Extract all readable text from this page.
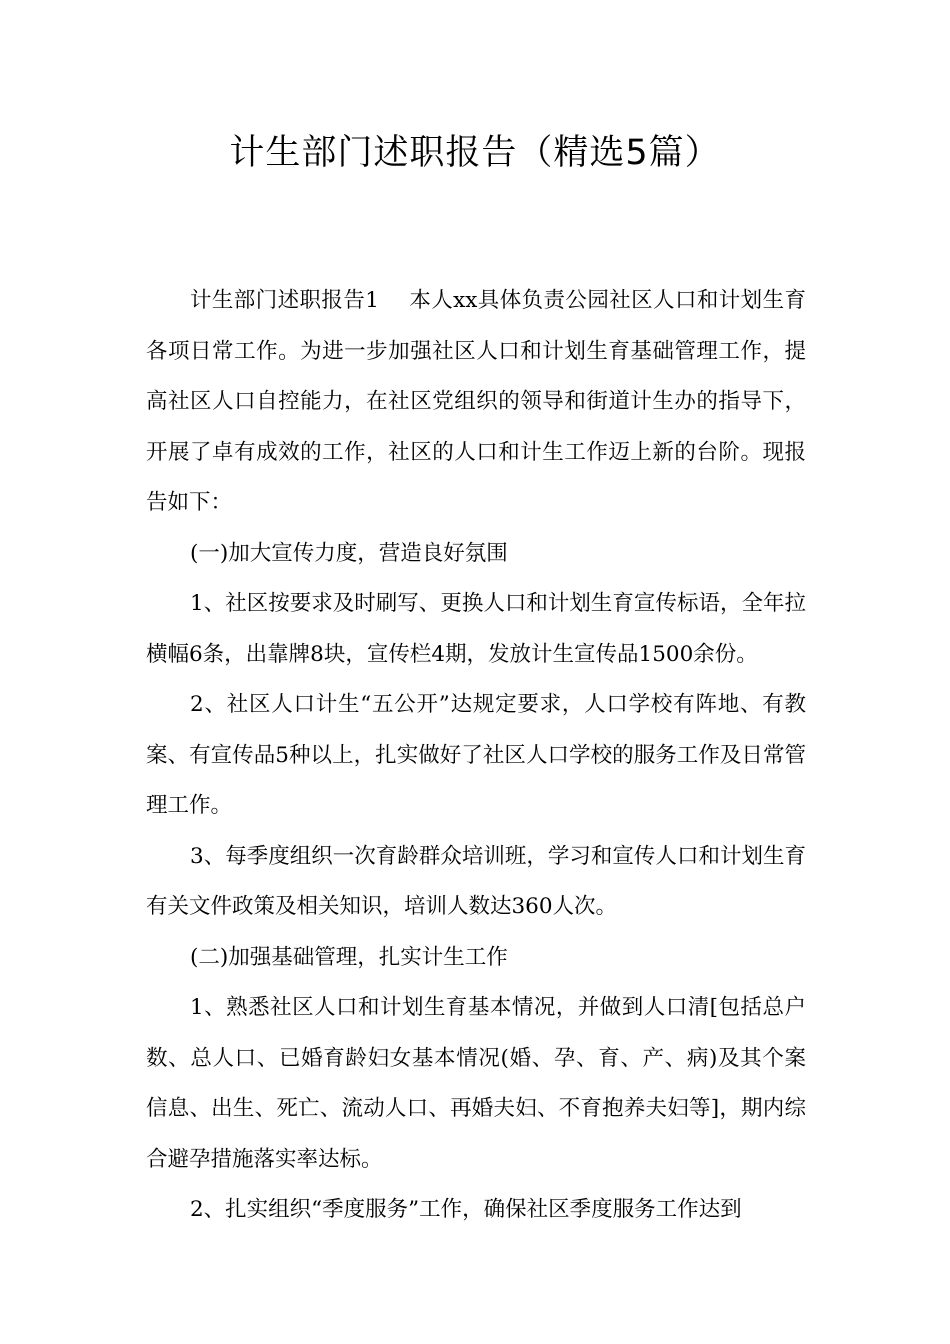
计生部门述职报告（精选5篇）

计生部门述职报告1 本人xx具体负责公园社区人口和计划生育各项日常工作。为进一步加强社区人口和计划生育基础管理工作，提高社区人口自控能力，在社区党组织的领导和街道计生办的指导下，开展了卓有成效的工作，社区的人口和计生工作迈上新的台阶。现报告如下：

(一)加大宣传力度，营造良好氛围

1、社区按要求及时刷写、更换人口和计划生育宣传标语，全年拉横幅6条，出靠牌8块，宣传栏4期，发放计生宣传品1500余份。

2、社区人口计生“五公开”达规定要求，人口学校有阵地、有教案、有宣传品5种以上，扎实做好了社区人口学校的服务工作及日常管理工作。

3、每季度组织一次育龄群众培训班，学习和宣传人口和计划生育有关文件政策及相关知识，培训人数达360人次。

(二)加强基础管理，扎实计生工作

1、熟悉社区人口和计划生育基本情况，并做到人口清[包括总户数、总人口、已婚育龄妇女基本情况(婚、孕、育、产、病)及其个案信息、出生、死亡、流动人口、再婚夫妇、不育抱养夫妇等]，期内综合避孕措施落实率达标。

2、扎实组织“季度服务”工作，确保社区季度服务工作达到
